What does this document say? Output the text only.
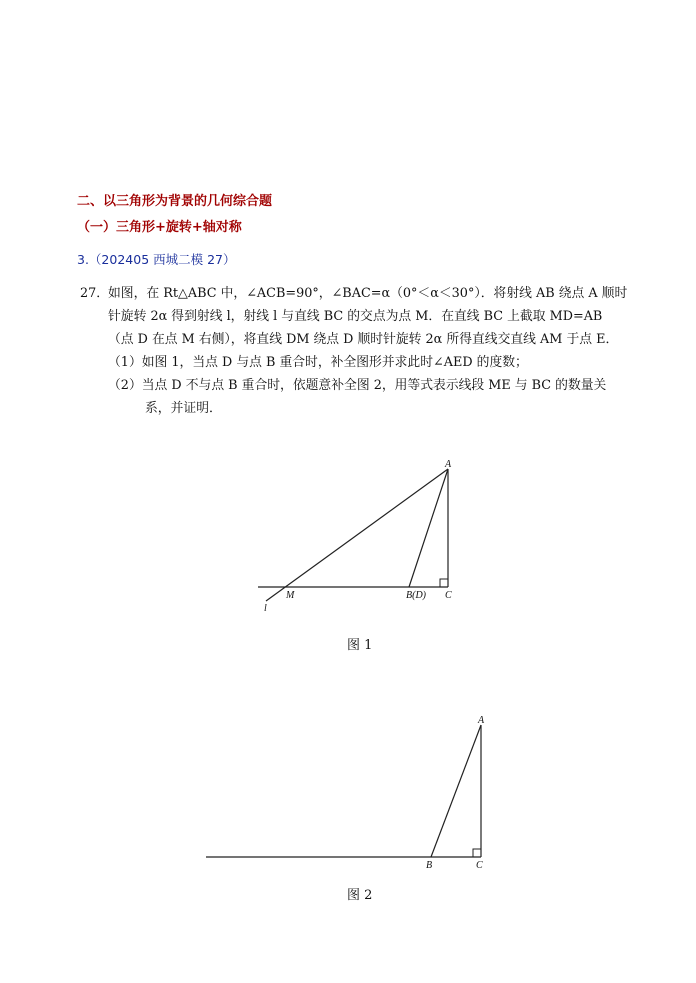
二、以三角形为背景的几何综合题
（一）三角形+旋转+轴对称
3.（202405 西城二模 27）
27．
如图，在 Rt△ABC 中，∠ACB=90°，∠BAC=α（0°＜α＜30°）．将射线 AB 绕点 A 顺时
针旋转 2α 得到射线 l，射线 l 与直线 BC 的交点为点 M．在直线 BC 上截取 MD=AB
（点 D 在点 M 右侧），将直线 DM 绕点 D 顺时针旋转 2α 所得直线交直线 AM 于点 E．
（1）如图 1，当点 D 与点 B 重合时，补全图形并求此时∠AED 的度数；
（2）当点 D 不与点 B 重合时，依题意补全图 2，用等式表示线段 ME 与 BC 的数量关
系，并证明．
A
M	B(D) C
l
图 1
A
B	C
图 2
